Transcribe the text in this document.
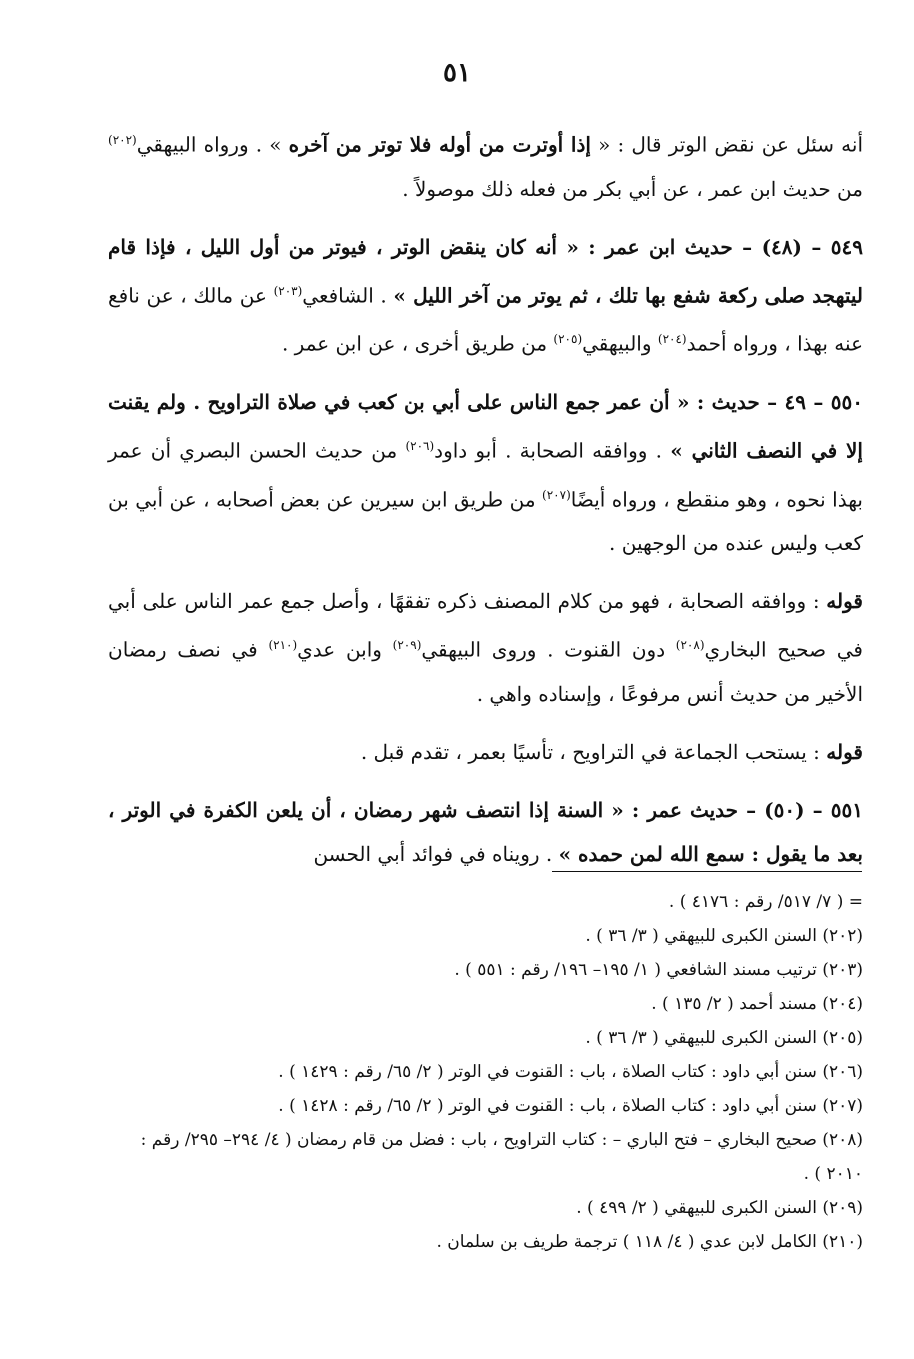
٥١

أنه سئل عن نقض الوتر قال : « إذا أوترت من أوله فلا توتر من آخره » . ورواه البيهقي$^{(٢٠٢)}$ من حديث ابن عمر ، عن أبي بكر من فعله ذلك موصولاً .

٥٤٩ – (٤٨) – حديث ابن عمر : « أنه كان ينقض الوتر ، فيوتر من أول الليل ، فإذا قام ليتهجد صلى ركعة شفع بها تلك ، ثم يوتر من آخر الليل » . الشافعي$^{(٢٠٣)}$ عن مالك ، عن نافع عنه بهذا ، ورواه أحمد$^{(٢٠٤)}$ والبيهقي$^{(٢٠٥)}$ من طريق أخرى ، عن ابن عمر .

٥٥٠ – ٤٩ – حديث : « أن عمر جمع الناس على أبي بن كعب في صلاة التراويح . ولم يقنت إلا في النصف الثاني » . ووافقه الصحابة . أبو داود$^{(٢٠٦)}$ من حديث الحسن البصري أن عمر بهذا نحوه ، وهو منقطع ، ورواه أيضًا$^{(٢٠٧)}$ من طريق ابن سيرين عن بعض أصحابه ، عن أبي بن كعب وليس عنده من الوجهين .

قوله : ووافقه الصحابة ، فهو من كلام المصنف ذكره تفقهًا ، وأصل جمع عمر الناس على أبي في صحيح البخاري$^{(٢٠٨)}$ دون القنوت . وروى البيهقي$^{(٢٠٩)}$ وابن عدي$^{(٢١٠)}$ في نصف رمضان الأخير من حديث أنس مرفوعًا ، وإسناده واهي .

قوله : يستحب الجماعة في التراويح ، تأسيًا بعمر ، تقدم قبل .

٥٥١ – (٥٠) – حديث عمر : « السنة إذا انتصف شهر رمضان ، أن يلعن الكفرة في الوتر ، بعد ما يقول : سمع الله لمن حمده » . رويناه في فوائد أبي الحسن

= ( ٧/ ٥١٧/ رقم : ٤١٧٦ ) .

(٢٠٢) السنن الكبرى للبيهقي ( ٣/ ٣٦ ) .

(٢٠٣) ترتيب مسند الشافعي ( ١/ ١٩٥– ١٩٦/ رقم : ٥٥١ ) .

(٢٠٤) مسند أحمد ( ٢/ ١٣٥ ) .

(٢٠٥) السنن الكبرى للبيهقي ( ٣/ ٣٦ ) .

(٢٠٦) سنن أبي داود : كتاب الصلاة ، باب : القنوت في الوتر ( ٢/ ٦٥/ رقم : ١٤٢٩ ) .

(٢٠٧) سنن أبي داود : كتاب الصلاة ، باب : القنوت في الوتر ( ٢/ ٦٥/ رقم : ١٤٢٨ ) .

(٢٠٨) صحيح البخاري – فتح الباري – : كتاب التراويح ، باب : فضل من قام رمضان ( ٤/ ٢٩٤– ٢٩٥/ رقم : ٢٠١٠ ) .

(٢٠٩) السنن الكبرى للبيهقي ( ٢/ ٤٩٩ ) .

(٢١٠) الكامل لابن عدي ( ٤/ ١١٨ ) ترجمة طريف بن سلمان .
